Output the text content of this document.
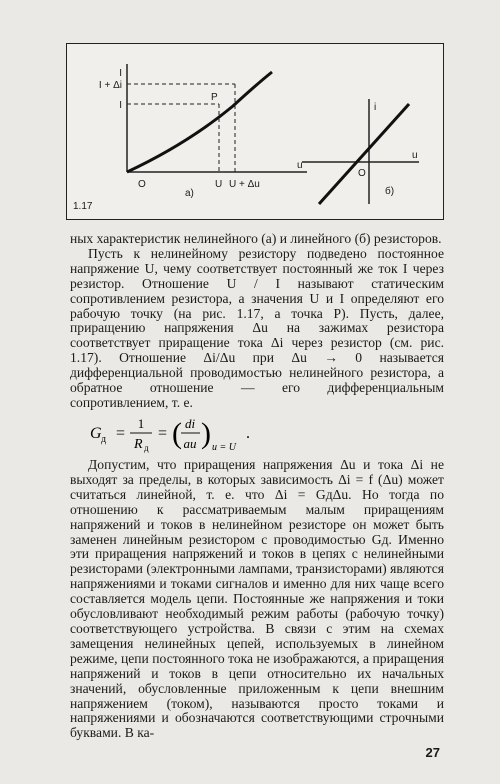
I
I + Δi
I
P
O	U U + Δu
u
а)
i
O
u
б)
1.17

ных характеристик нелинейного (а) и линейного (б) резисторов.

Пусть к нелинейному резистору подведено постоянное напряжение U, чему соответствует постоянный же ток I через резистор. Отношение U / I называют статическим сопротивлением резистора, а значения U и I определяют его рабочую точку (на рис. 1.17, а точка P). Пусть, далее, приращению напряжения Δu на зажимах резистора соответствует приращение тока Δi через резистор (см. рис. 1.17). Отношение Δi/Δu при Δu → 0 называется дифференциальной проводимостью нелинейного резистора, а обратное отношение — его дифференциальным сопротивлением, т. е.

G д =
1
R д
= ( di
au ) u = U
.

Допустим, что приращения напряжения Δu и тока Δi не выходят за пределы, в которых зависимость Δi = f (Δu) может считаться линейной, т. е. что Δi = GдΔu. Но тогда по отношению к рассматриваемым малым приращениям напряжений и токов в нелинейном резисторе он может быть заменен линейным резистором с проводимостью Gд. Именно эти приращения напряжений и токов в цепях с нелинейными резисторами (электронными лампами, транзисторами) являются напряжениями и токами сигналов и именно для них чаще всего составляется модель цепи. Постоянные же напряжения и токи обусловливают необходимый режим работы (рабочую точку) соответствующего устройства. В связи с этим на схемах замещения нелинейных цепей, используемых в линейном режиме, цепи постоянного тока не изображаются, а приращения напряжений и токов в цепи относительно их начальных значений, обусловленные приложенным к цепи внешним напряжением (током), называются просто токами и напряжениями и обозначаются соответствующими строчными буквами. В ка-

27
